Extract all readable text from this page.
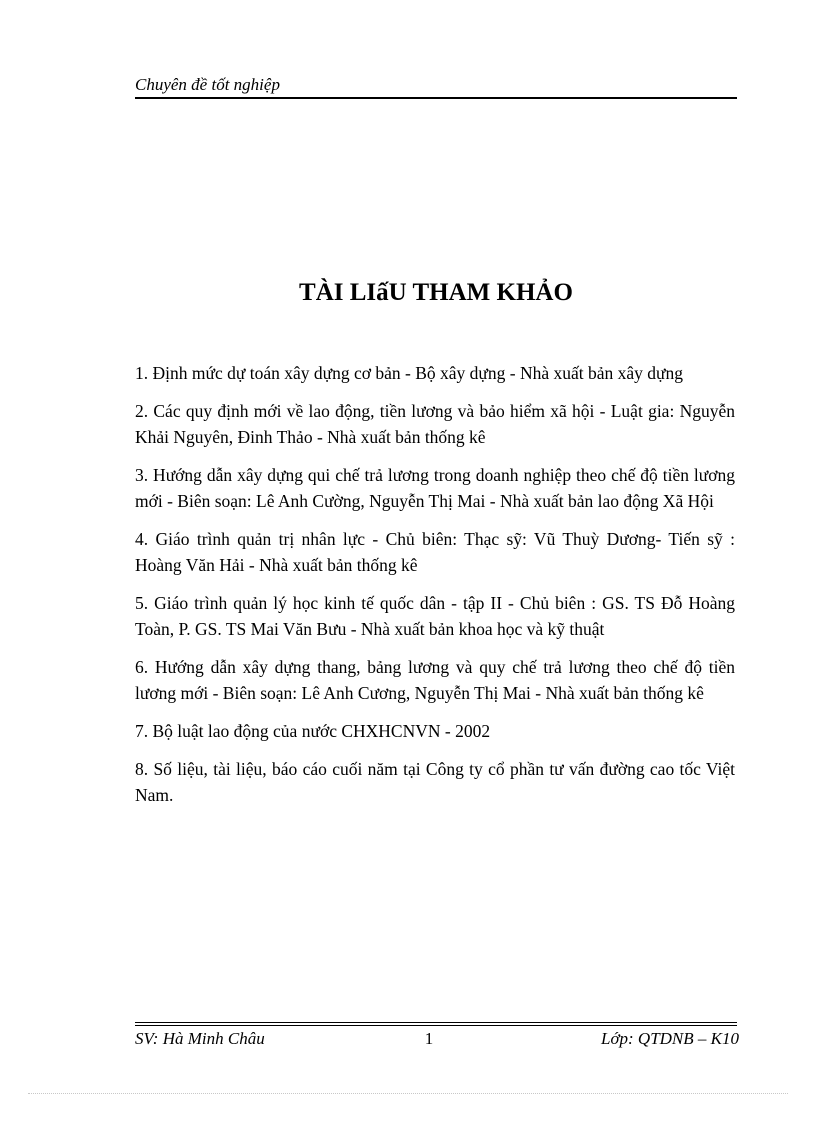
Chuyên đề tốt nghiệp
TÀI LIấU THAM KHẢO
1. Định mức dự toán xây dựng cơ bản - Bộ xây dựng - Nhà xuất bản xây dựng
2. Các quy định mới về lao động, tiền lương và bảo hiểm xã hội - Luật gia: Nguyễn Khải Nguyên, Đinh Thảo - Nhà xuất bản thống kê
3. Hướng dẫn xây dựng qui chế trả lương trong doanh nghiệp theo chế độ tiền lương mới - Biên soạn: Lê Anh Cường, Nguyễn Thị Mai - Nhà xuất bản lao động Xã Hội
4. Giáo trình quản trị nhân lực - Chủ biên: Thạc sỹ: Vũ Thuỳ Dương- Tiến sỹ : Hoàng Văn Hải - Nhà xuất bản thống kê
5. Giáo trình quản lý học kinh tế quốc dân - tập II - Chủ biên : GS. TS Đỗ Hoàng Toàn, P. GS. TS Mai Văn Bưu - Nhà xuất bản khoa học và kỹ thuật
6. Hướng dẫn xây dựng thang, bảng lương và quy chế trả lương theo chế độ tiền lương mới - Biên soạn: Lê Anh Cương, Nguyễn Thị Mai - Nhà xuất bản thống kê
7. Bộ luật lao động của nước CHXHCNVN - 2002
8. Số liệu, tài liệu, báo cáo cuối năm tại Công ty cổ phần tư vấn đường cao tốc Việt Nam.
SV: Hà Minh Châu	1	Lớp: QTDNB – K10
